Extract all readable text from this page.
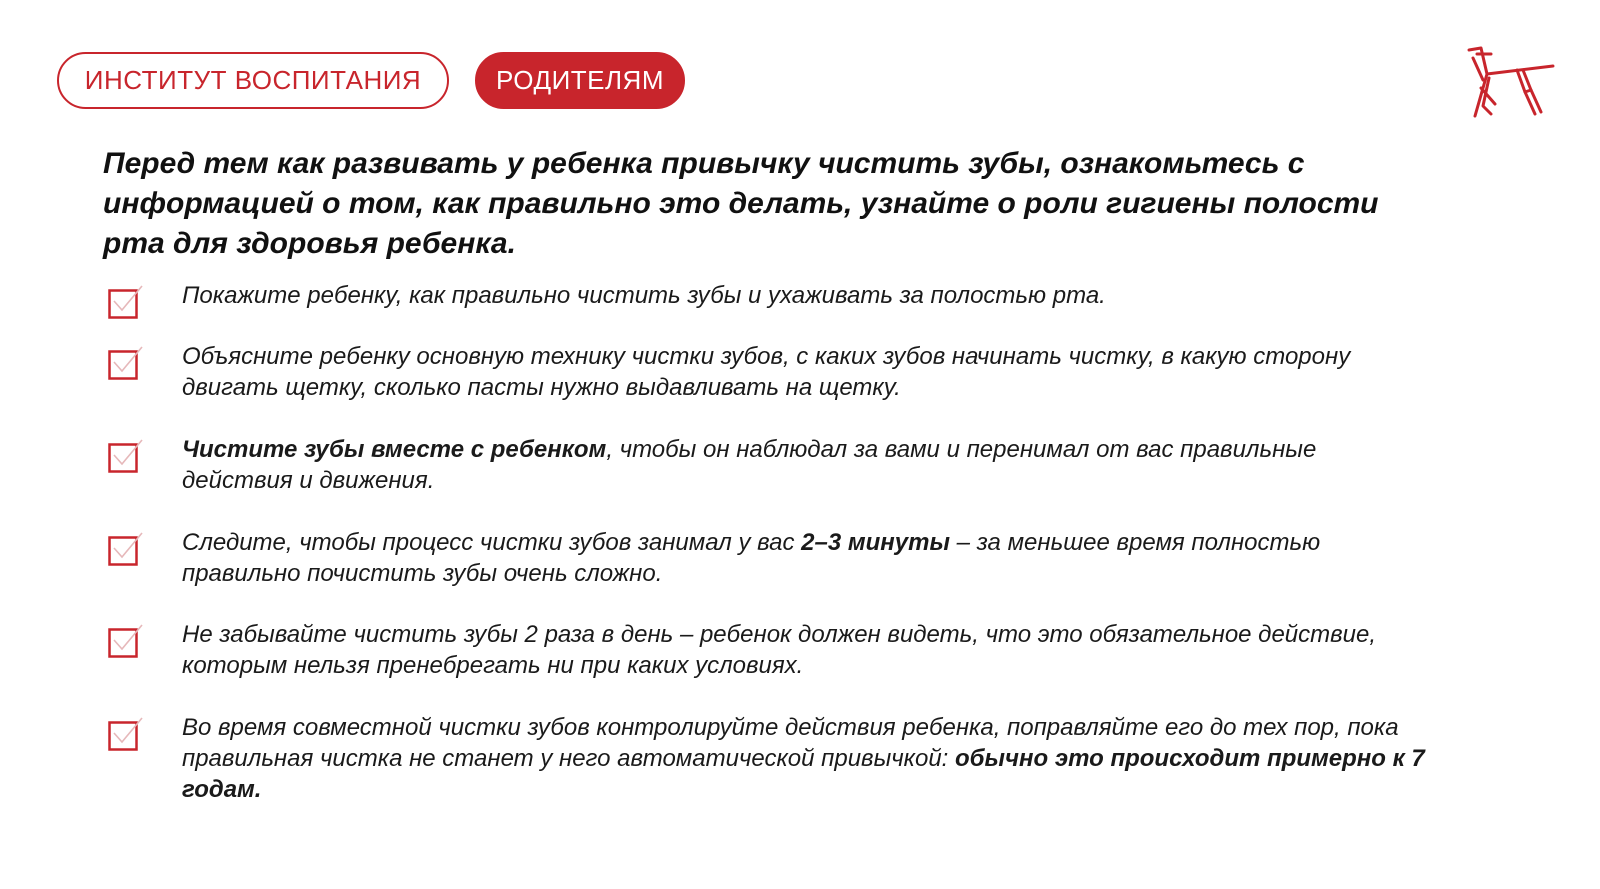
ИНСТИТУТ ВОСПИТАНИЯ	РОДИТЕЛЯМ
Перед тем как развивать у ребенка привычку чистить зубы, ознакомьтесь с информацией о том, как правильно это делать, узнайте о роли гигиены полости рта для здоровья ребенка.
Покажите ребенку, как правильно чистить зубы и ухаживать за полостью рта.
Объясните ребенку основную технику чистки зубов, с каких зубов начинать чистку, в какую сторону двигать щетку, сколько пасты нужно выдавливать на щетку.
Чистите зубы вместе с ребенком, чтобы он наблюдал за вами и перенимал от вас правильные действия и движения.
Следите, чтобы процесс чистки зубов занимал у вас 2–3 минуты – за меньшее время полностью правильно почистить зубы очень сложно.
Не забывайте чистить зубы 2 раза в день – ребенок должен видеть, что это обязательное действие, которым нельзя пренебрегать ни при каких условиях.
Во время совместной чистки зубов контролируйте действия ребенка, поправляйте его до тех пор, пока правильная чистка не станет у него автоматической привычкой: обычно это происходит примерно к 7 годам.
